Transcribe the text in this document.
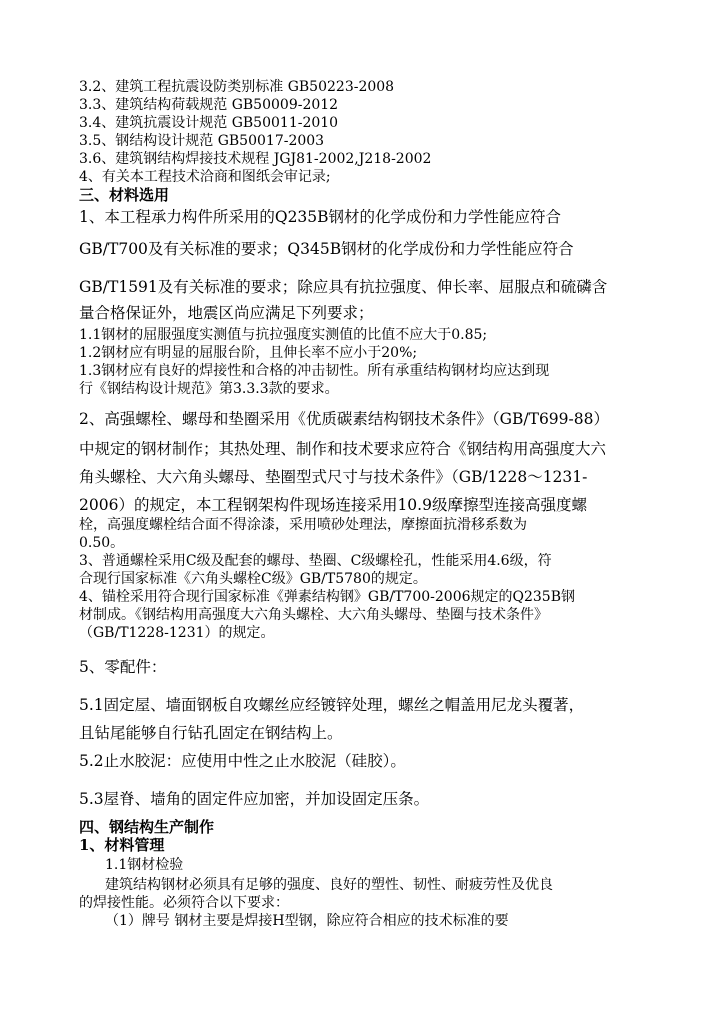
3.2、建筑工程抗震设防类别标准 GB50223-2008
3.3、建筑结构荷载规范 GB50009-2012
3.4、建筑抗震设计规范 GB50011-2010
3.5、钢结构设计规范 GB50017-2003
3.6、建筑钢结构焊接技术规程 JGJ81-2002,J218-2002
4、有关本工程技术洽商和图纸会审记录;
三、材料选用
1、本工程承力构件所采用的Q235B钢材的化学成份和力学性能应符合
GB/T700及有关标准的要求；Q345B钢材的化学成份和力学性能应符合
GB/T1591及有关标准的要求；除应具有抗拉强度、伸长率、屈服点和硫磷含
量合格保证外，地震区尚应满足下列要求；
1.1钢材的屈服强度实测值与抗拉强度实测值的比值不应大于0.85;
1.2钢材应有明显的屈服台阶，且伸长率不应小于20%;
1.3钢材应有良好的焊接性和合格的冲击韧性。所有承重结构钢材均应达到现
行《钢结构设计规范》第3.3.3款的要求。
2、高强螺栓、螺母和垫圈采用《优质碳素结构钢技术条件》（GB/T699-88）
中规定的钢材制作；其热处理、制作和技术要求应符合《钢结构用高强度大六
角头螺栓、大六角头螺母、垫圈型式尺寸与技术条件》（GB/1228～1231-
2006）的规定，本工程钢架构件现场连接采用10.9级摩擦型连接高强度螺
栓，高强度螺栓结合面不得涂漆，采用喷砂处理法，摩擦面抗滑移系数为
0.50。
3、普通螺栓采用C级及配套的螺母、垫圈、C级螺栓孔，性能采用4.6级，符
合现行国家标准《六角头螺栓C级》GB/T5780的规定。
4、锚栓采用符合现行国家标准《弹素结构钢》GB/T700-2006规定的Q235B钢
材制成。《钢结构用高强度大六角头螺栓、大六角头螺母、垫圈与技术条件》
（GB/T1228-1231）的规定。
5、零配件：
5.1固定屋、墙面钢板自攻螺丝应经镀锌处理，螺丝之帽盖用尼龙头覆著，
且钻尾能够自行钻孔固定在钢结构上。
5.2止水胶泥：应使用中性之止水胶泥（硅胶）。
5.3屋脊、墙角的固定件应加密，并加设固定压条。
四、钢结构生产制作
1、材料管理
1.1钢材检验
建筑结构钢材必须具有足够的强度、良好的塑性、韧性、耐疲劳性及优良
的焊接性能。必须符合以下要求：
（1）牌号 钢材主要是焊接H型钢，除应符合相应的技术标准的要
